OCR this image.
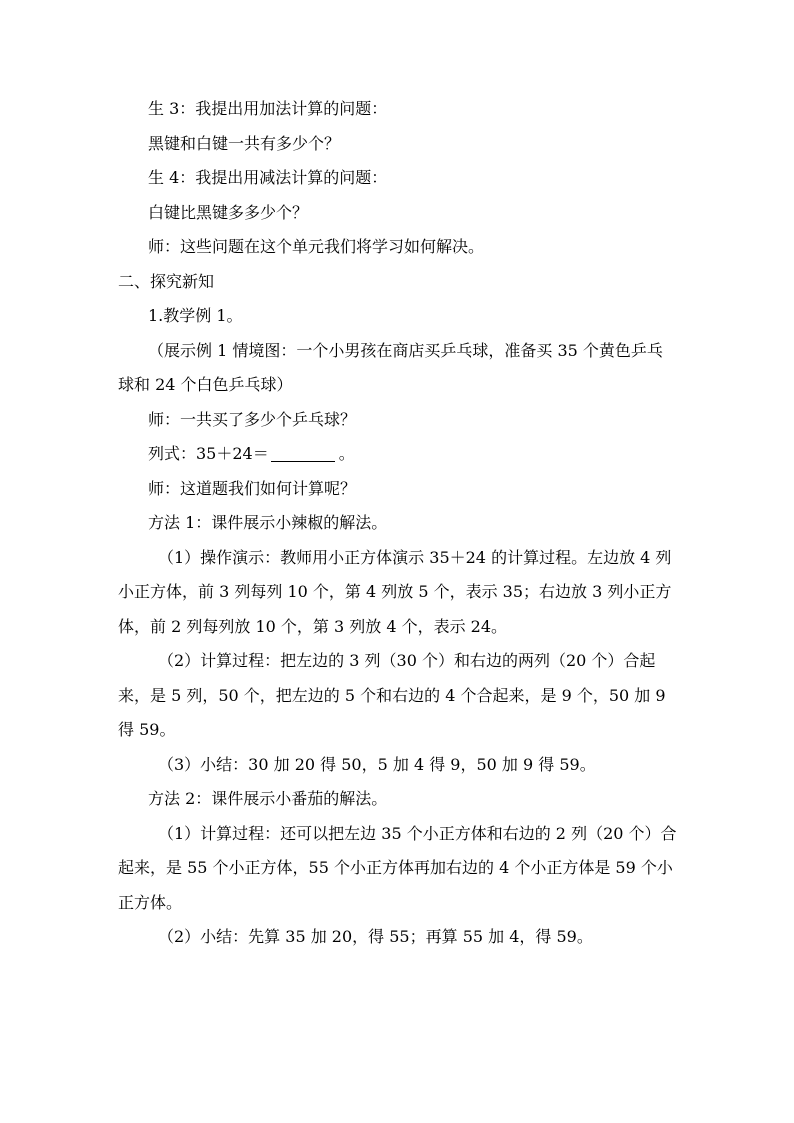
生 3：我提出用加法计算的问题：

黑键和白键一共有多少个？

生 4：我提出用减法计算的问题：

白键比黑键多多少个？

师：这些问题在这个单元我们将学习如何解决。

二、探究新知

1.教学例 1。

（展示例 1 情境图：一个小男孩在商店买乒乓球，准备买 35 个黄色乒乓球和 24 个白色乒乓球）

师：一共买了多少个乒乓球？

列式：35＋24＝	。

师：这道题我们如何计算呢？

方法 1：课件展示小辣椒的解法。

（1）操作演示：教师用小正方体演示 35＋24 的计算过程。左边放 4 列小正方体，前 3 列每列 10 个，第 4 列放 5 个，表示 35；右边放 3 列小正方体，前 2 列每列放 10 个，第 3 列放 4 个，表示 24。

（2）计算过程：把左边的 3 列（30 个）和右边的两列（20 个）合起来，是 5 列，50 个，把左边的 5 个和右边的 4 个合起来，是 9 个，50 加 9 得 59。

（3）小结：30 加 20 得 50，5 加 4 得 9，50 加 9 得 59。

方法 2：课件展示小番茄的解法。

（1）计算过程：还可以把左边 35 个小正方体和右边的 2 列（20 个）合起来，是 55 个小正方体，55 个小正方体再加右边的 4 个小正方体是 59 个小正方体。

（2）小结：先算 35 加 20，得 55；再算 55 加 4，得 59。
